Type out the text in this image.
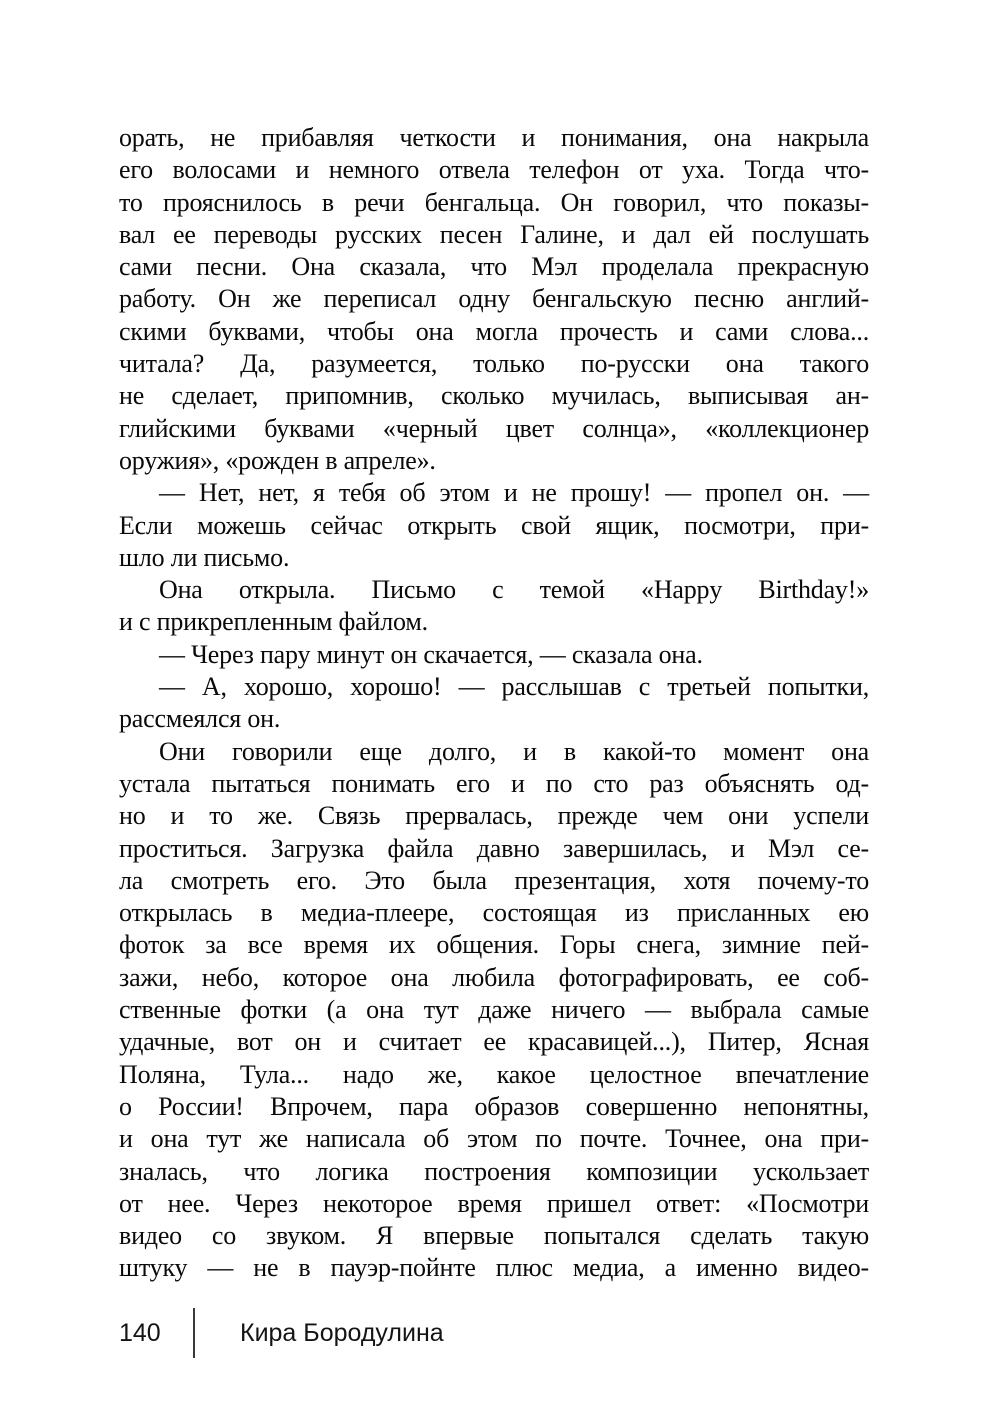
орать, не прибавляя четкости и понимания, она накрыла
его волосами и немного отвела телефон от уха. Тогда что-
то прояснилось в речи бенгальца. Он говорил, что показы-
вал ее переводы русских песен Галине, и дал ей послушать
сами песни. Она сказала, что Мэл проделала прекрасную
работу. Он же переписал одну бенгальскую песню англий-
скими буквами, чтобы она могла прочесть и сами слова...
читала? Да, разумеется, только по-русски она такого
не сделает, припомнив, сколько мучилась, выписывая ан-
глийскими буквами «черный цвет солнца», «коллекционер
оружия», «рожден в апреле».
— Нет, нет, я тебя об этом и не прошу! — пропел он. —
Если можешь сейчас открыть свой ящик, посмотри, при-
шло ли письмо.
Она открыла. Письмо с темой «Happy Birthday!»
и с прикрепленным файлом.
— Через пару минут он скачается, — сказала она.
— А, хорошо, хорошо! — расслышав с третьей попытки,
рассмеялся он.
Они говорили еще долго, и в какой-то момент она
устала пытаться понимать его и по сто раз объяснять од-
но и то же. Связь прервалась, прежде чем они успели
проститься. Загрузка файла давно завершилась, и Мэл се-
ла смотреть его. Это была презентация, хотя почему-то
открылась в медиа-плеере, состоящая из присланных ею
фоток за все время их общения. Горы снега, зимние пей-
зажи, небо, которое она любила фотографировать, ее соб-
ственные фотки (а она тут даже ничего — выбрала самые
удачные, вот он и считает ее красавицей...), Питер, Ясная
Поляна, Тула... надо же, какое целостное впечатление
о России! Впрочем, пара образов совершенно непонятны,
и она тут же написала об этом по почте. Точнее, она при-
зналась, что логика построения композиции ускользает
от нее. Через некоторое время пришел ответ: «Посмотри
видео со звуком. Я впервые попытался сделать такую
штуку — не в пауэр-пойнте плюс медиа, а именно видео-
140	Кира Бородулина
